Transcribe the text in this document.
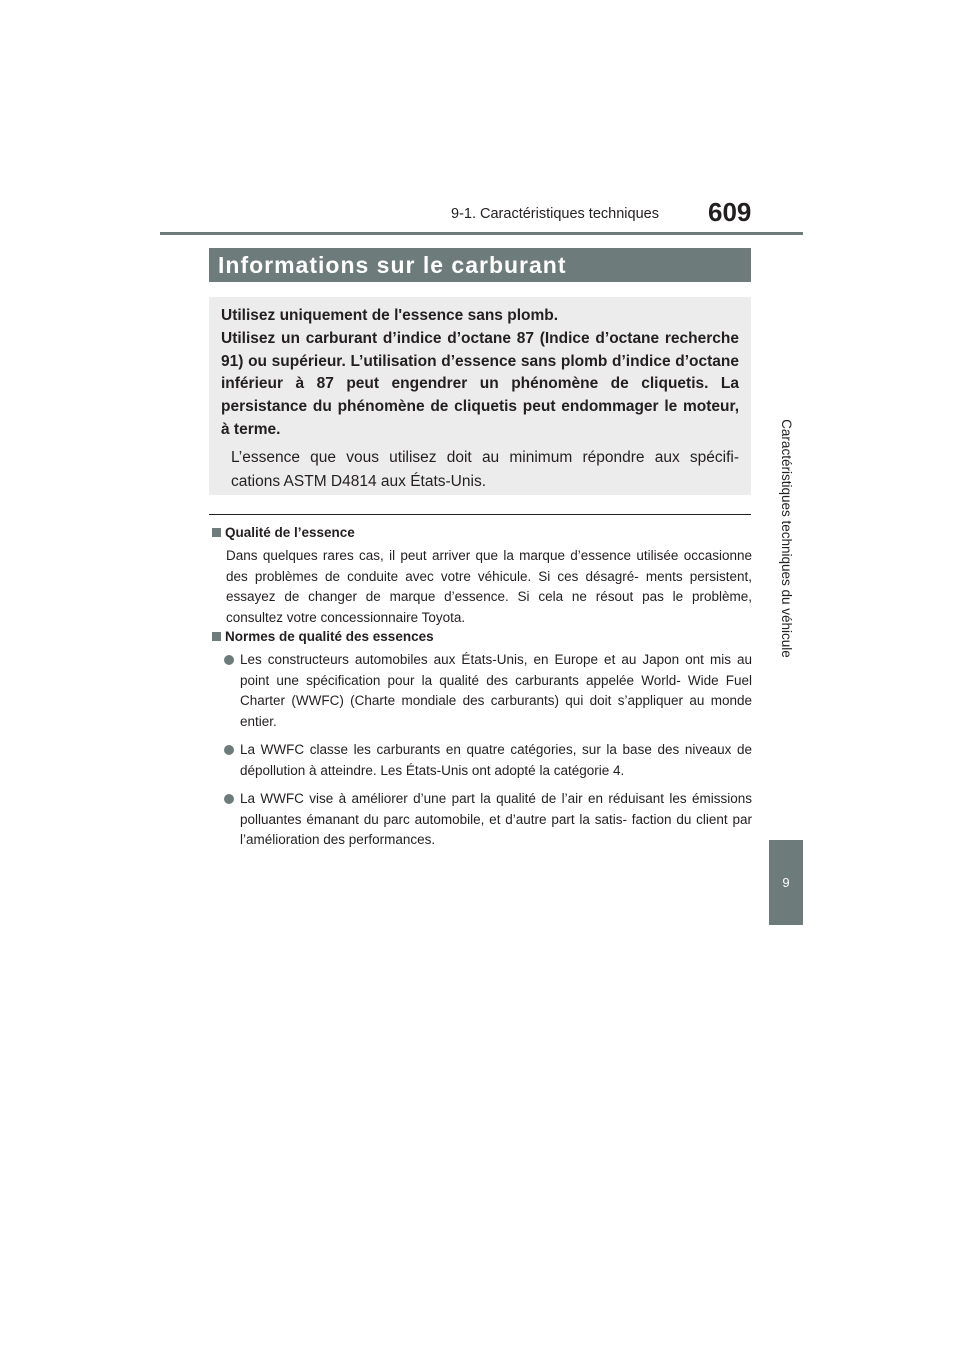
9-1. Caractéristiques techniques 609
Caractéristiques techniques du véhicule
9
Informations sur le carburant
Utilisez uniquement de l'essence sans plomb.
Utilisez un carburant d’indice d’octane 87 (Indice d’octane recherche 91) ou supérieur. L’utilisation d’essence sans plomb d’indice d’octane inférieur à 87 peut engendrer un phénomène de cliquetis. La persistance du phénomène de cliquetis peut endommager le moteur, à terme.
L’essence que vous utilisez doit au minimum répondre aux spécifi- cations ASTM D4814 aux États-Unis.
Qualité de l’essence
Dans quelques rares cas, il peut arriver que la marque d’essence utilisée occasionne des problèmes de conduite avec votre véhicule. Si ces désagré- ments persistent, essayez de changer de marque d’essence. Si cela ne résout pas le problème, consultez votre concessionnaire Toyota.
Normes de qualité des essences
Les constructeurs automobiles aux États-Unis, en Europe et au Japon ont mis au point une spécification pour la qualité des carburants appelée World- Wide Fuel Charter (WWFC) (Charte mondiale des carburants) qui doit s’appliquer au monde entier.
La WWFC classe les carburants en quatre catégories, sur la base des niveaux de dépollution à atteindre. Les États-Unis ont adopté la catégorie 4.
La WWFC vise à améliorer d’une part la qualité de l’air en réduisant les émissions polluantes émanant du parc automobile, et d’autre part la satis- faction du client par l’amélioration des performances.
